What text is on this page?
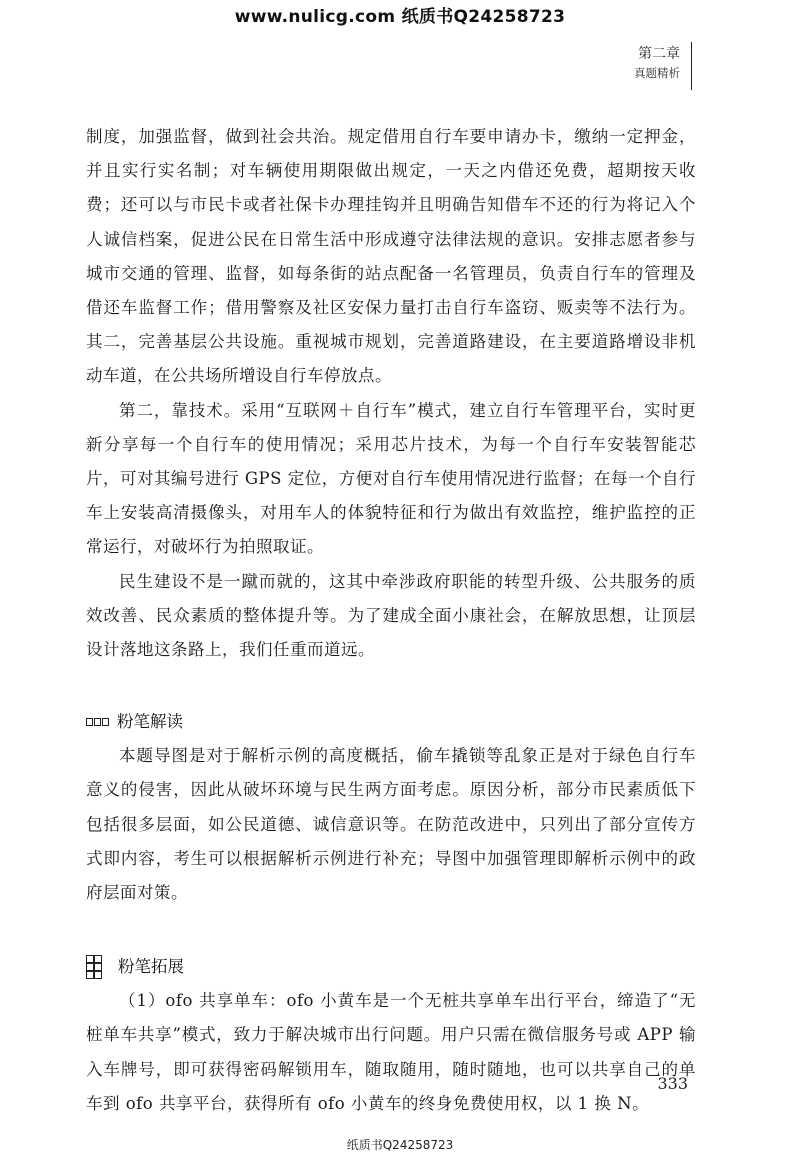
www.nulicg.com 纸质书Q24258723
第二章
真题精析

制度，加强监督，做到社会共治。规定借用自行车要申请办卡，缴纳一定押金，并且实行实名制；对车辆使用期限做出规定，一天之内借还免费，超期按天收费；还可以与市民卡或者社保卡办理挂钩并且明确告知借车不还的行为将记入个人诚信档案，促进公民在日常生活中形成遵守法律法规的意识。安排志愿者参与城市交通的管理、监督，如每条街的站点配备一名管理员，负责自行车的管理及借还车监督工作；借用警察及社区安保力量打击自行车盗窃、贩卖等不法行为。其二，完善基层公共设施。重视城市规划，完善道路建设，在主要道路增设非机动车道，在公共场所增设自行车停放点。

第二，靠技术。采用“互联网＋自行车”模式，建立自行车管理平台，实时更新分享每一个自行车的使用情况；采用芯片技术，为每一个自行车安装智能芯片，可对其编号进行 GPS 定位，方便对自行车使用情况进行监督；在每一个自行车上安装高清摄像头，对用车人的体貌特征和行为做出有效监控，维护监控的正常运行，对破坏行为拍照取证。

民生建设不是一蹴而就的，这其中牵涉政府职能的转型升级、公共服务的质效改善、民众素质的整体提升等。为了建成全面小康社会，在解放思想，让顶层设计落地这条路上，我们任重而道远。

粉笔解读

本题导图是对于解析示例的高度概括，偷车撬锁等乱象正是对于绿色自行车意义的侵害，因此从破坏环境与民生两方面考虑。原因分析，部分市民素质低下包括很多层面，如公民道德、诚信意识等。在防范改进中，只列出了部分宣传方式即内容，考生可以根据解析示例进行补充；导图中加强管理即解析示例中的政府层面对策。

粉笔拓展

（1）ofo 共享单车：ofo 小黄车是一个无桩共享单车出行平台，缔造了“无桩单车共享”模式，致力于解决城市出行问题。用户只需在微信服务号或 APP 输入车牌号，即可获得密码解锁用车，随取随用，随时随地，也可以共享自己的单车到 ofo 共享平台，获得所有 ofo 小黄车的终身免费使用权，以 1 换 N。

333
纸质书Q24258723
